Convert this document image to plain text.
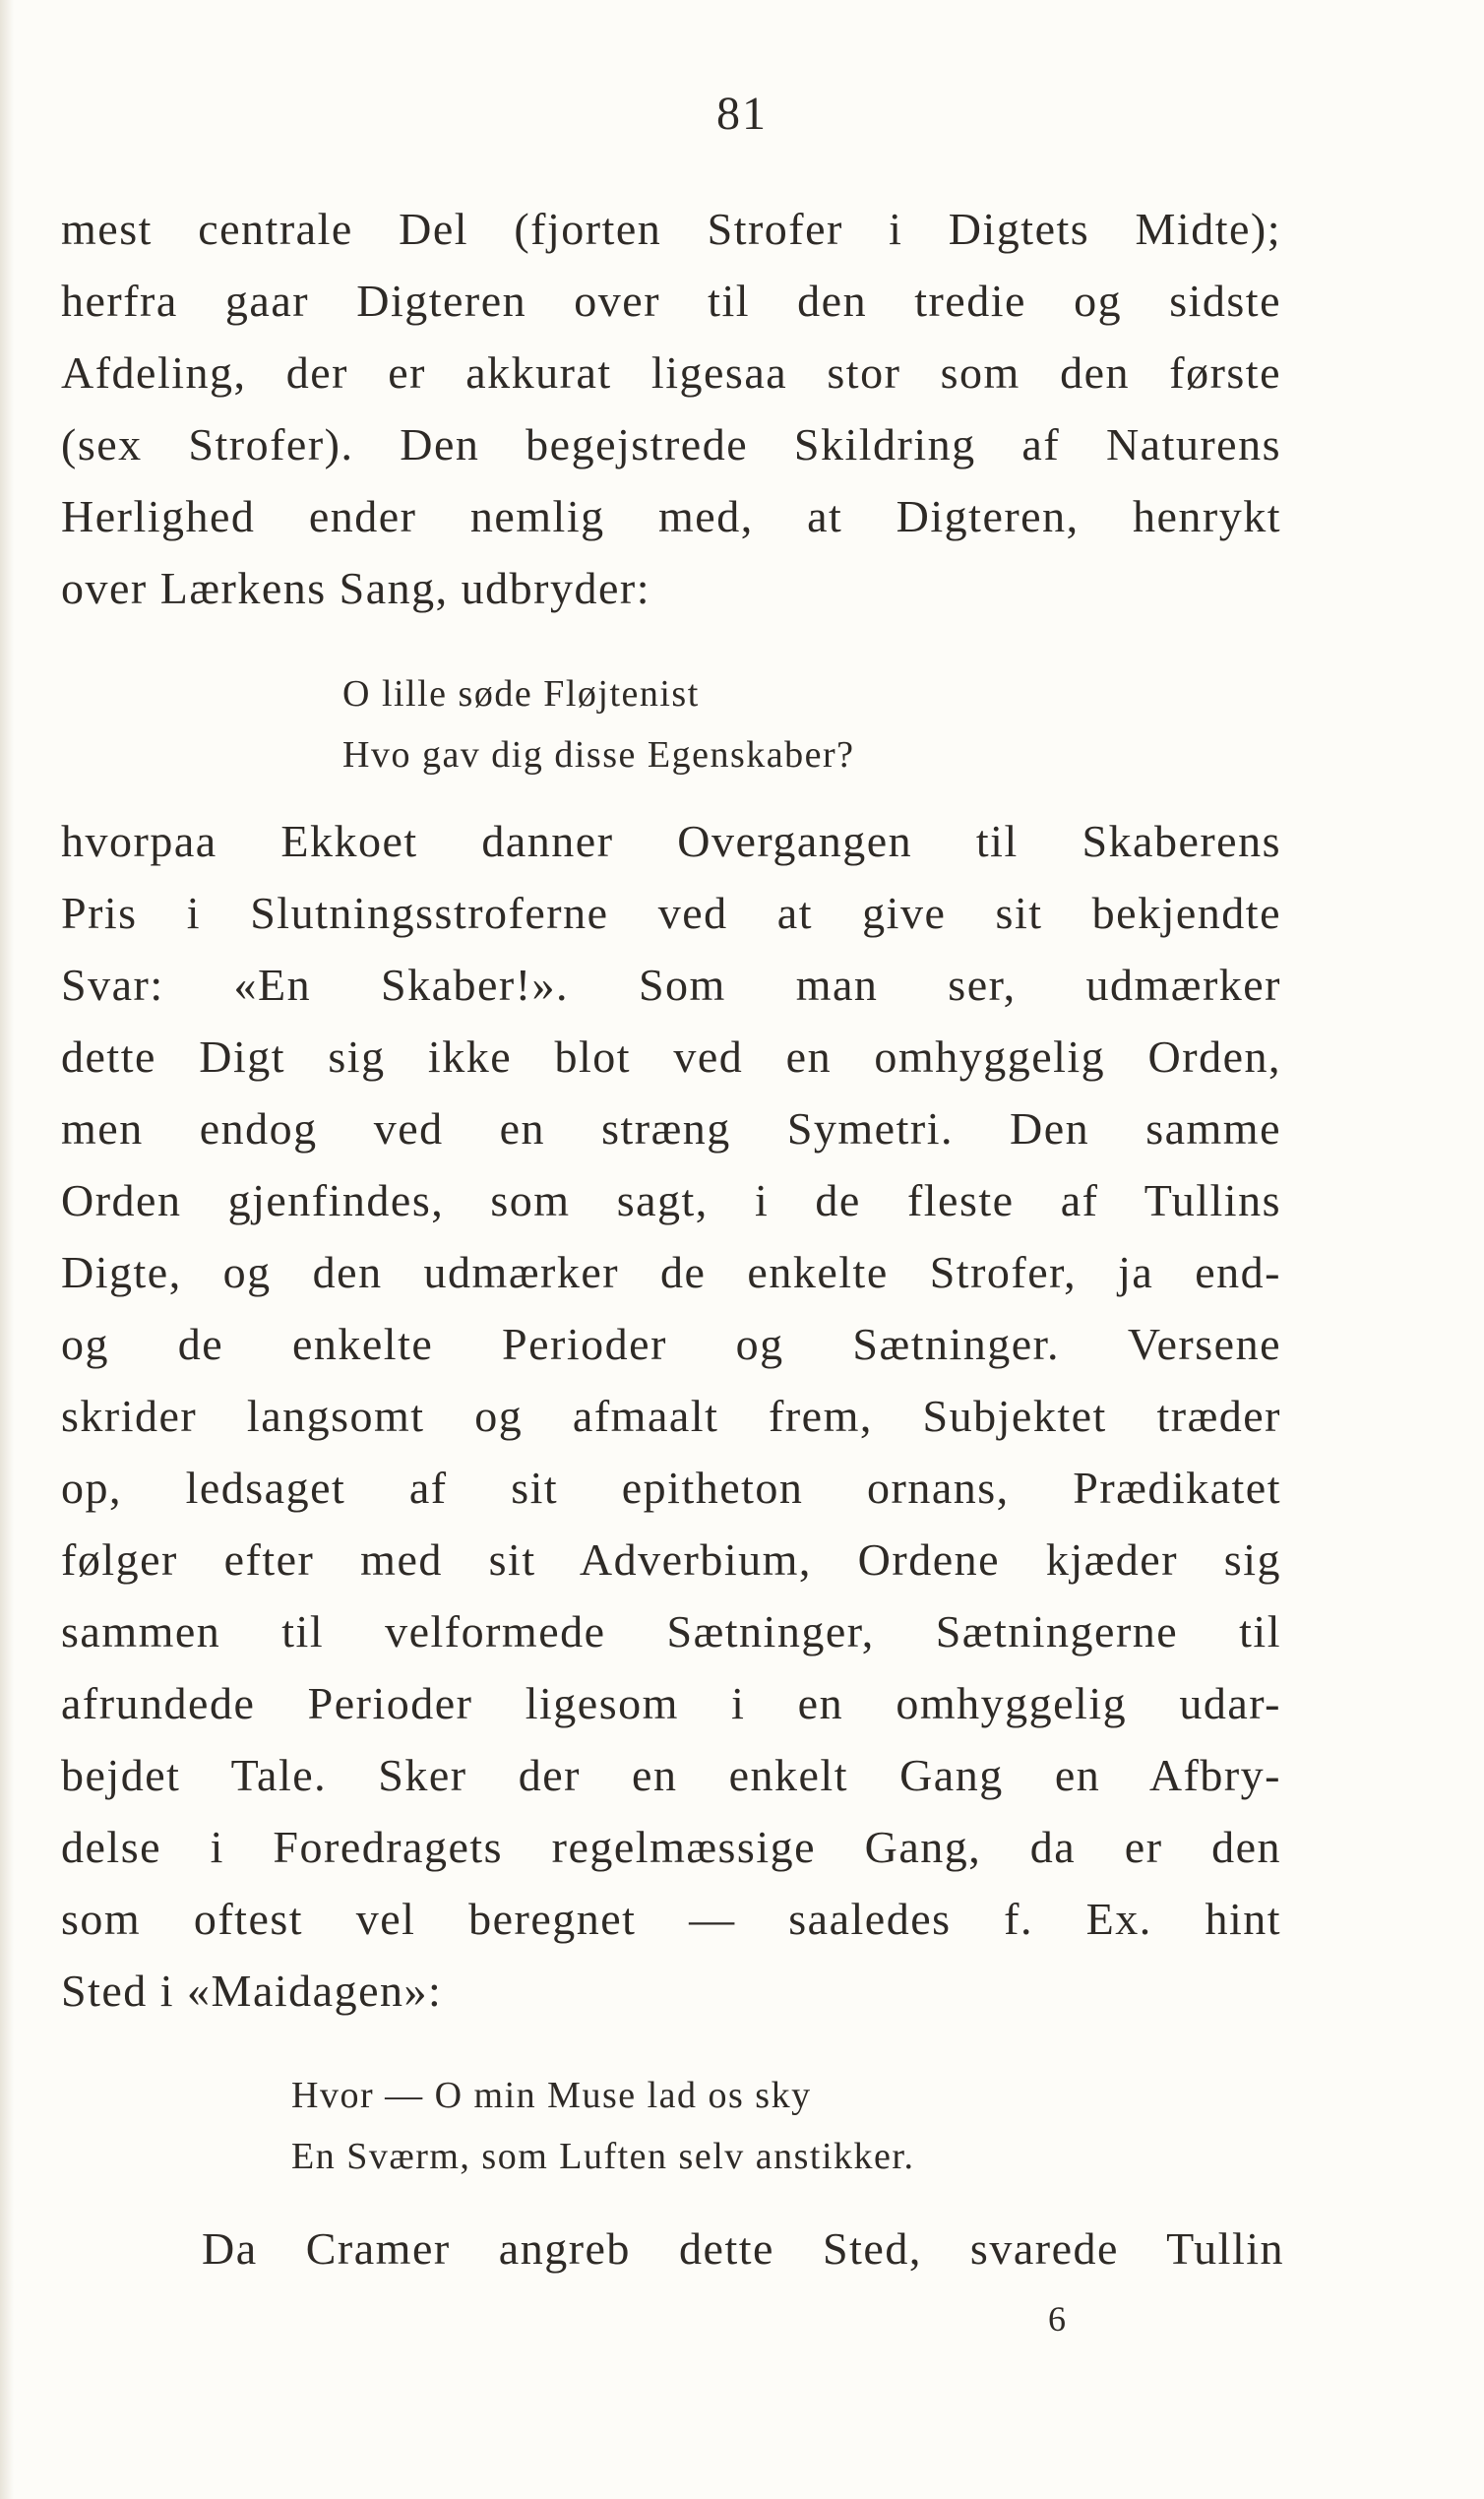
81
mest centrale Del (fjorten Strofer i Digtets Midte);
herfra gaar Digteren over til den tredie og sidste
Afdeling, der er akkurat ligesaa stor som den første
(sex Strofer). Den begejstrede Skildring af Naturens
Herlighed ender nemlig med, at Digteren, henrykt
over Lærkens Sang, udbryder:
O lille søde Fløjtenist
Hvo gav dig disse Egenskaber?
hvorpaa Ekkoet danner Overgangen til Skaberens
Pris i Slutningsstroferne ved at give sit bekjendte
Svar: «En Skaber!». Som man ser, udmærker
dette Digt sig ikke blot ved en omhyggelig Orden,
men endog ved en stræng Symetri. Den samme
Orden gjenfindes, som sagt, i de fleste af Tullins
Digte, og den udmærker de enkelte Strofer, ja end-
og de enkelte Perioder og Sætninger. Versene
skrider langsomt og afmaalt frem, Subjektet træder
op, ledsaget af sit epitheton ornans, Prædikatet
følger efter med sit Adverbium, Ordene kjæder sig
sammen til velformede Sætninger, Sætningerne til
afrundede Perioder ligesom i en omhyggelig udar-
bejdet Tale. Sker der en enkelt Gang en Afbry-
delse i Foredragets regelmæssige Gang, da er den
som oftest vel beregnet — saaledes f. Ex. hint
Sted i «Maidagen»:
Hvor — O min Muse lad os sky
En Sværm, som Luften selv anstikker.
Da Cramer angreb dette Sted, svarede Tullin
6
